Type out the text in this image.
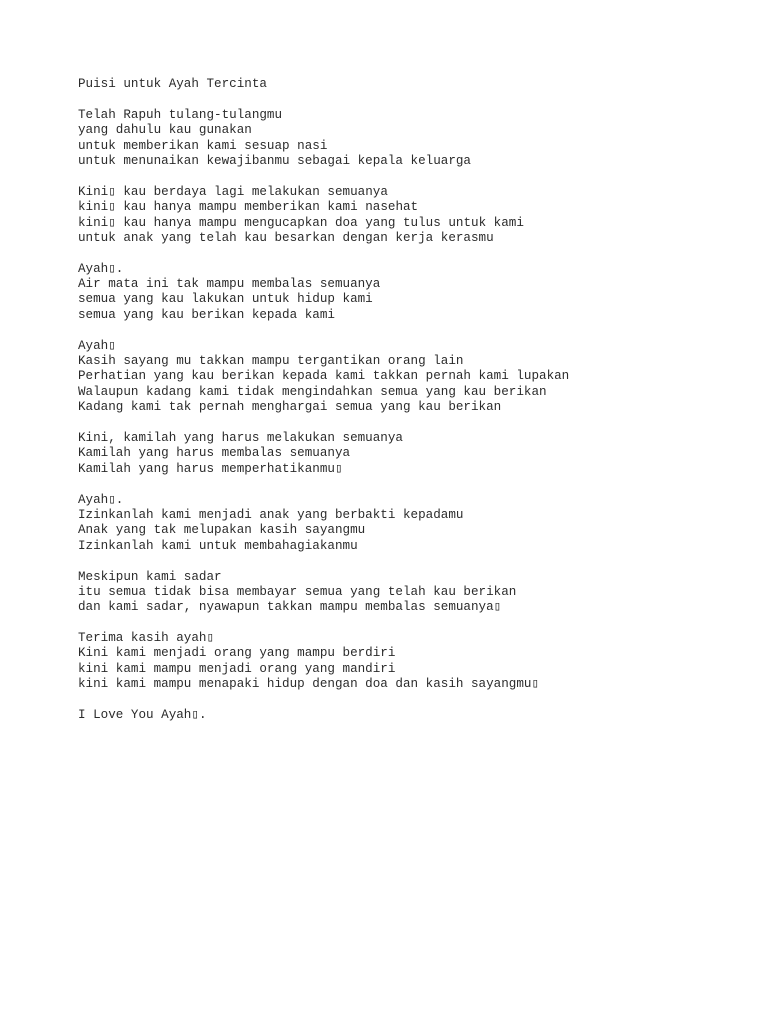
Puisi untuk Ayah Tercinta
Telah Rapuh tulang-tulangmu
yang dahulu kau gunakan
untuk memberikan kami sesuap nasi
untuk menunaikan kewajibanmu sebagai kepala keluarga
Kini▯ kau berdaya lagi melakukan semuanya
kini▯ kau hanya mampu memberikan kami nasehat
kini▯ kau hanya mampu mengucapkan doa yang tulus untuk kami
untuk anak yang telah kau besarkan dengan kerja kerasmu
Ayah▯.
Air mata ini tak mampu membalas semuanya
semua yang kau lakukan untuk hidup kami
semua yang kau berikan kepada kami
Ayah▯
Kasih sayang mu takkan mampu tergantikan orang lain
Perhatian yang kau berikan kepada kami takkan pernah kami lupakan
Walaupun kadang kami tidak mengindahkan semua yang kau berikan
Kadang kami tak pernah menghargai semua yang kau berikan
Kini, kamilah yang harus melakukan semuanya
Kamilah yang harus membalas semuanya
Kamilah yang harus memperhatikanmu▯
Ayah▯.
Izinkanlah kami menjadi anak yang berbakti kepadamu
Anak yang tak melupakan kasih sayangmu
Izinkanlah kami untuk membahagiakanmu
Meskipun kami sadar
itu semua tidak bisa membayar semua yang telah kau berikan
dan kami sadar, nyawapun takkan mampu membalas semuanya▯
Terima kasih ayah▯
Kini kami menjadi orang yang mampu berdiri
kini kami mampu menjadi orang yang mandiri
kini kami mampu menapaki hidup dengan doa dan kasih sayangmu▯
I Love You Ayah▯.
